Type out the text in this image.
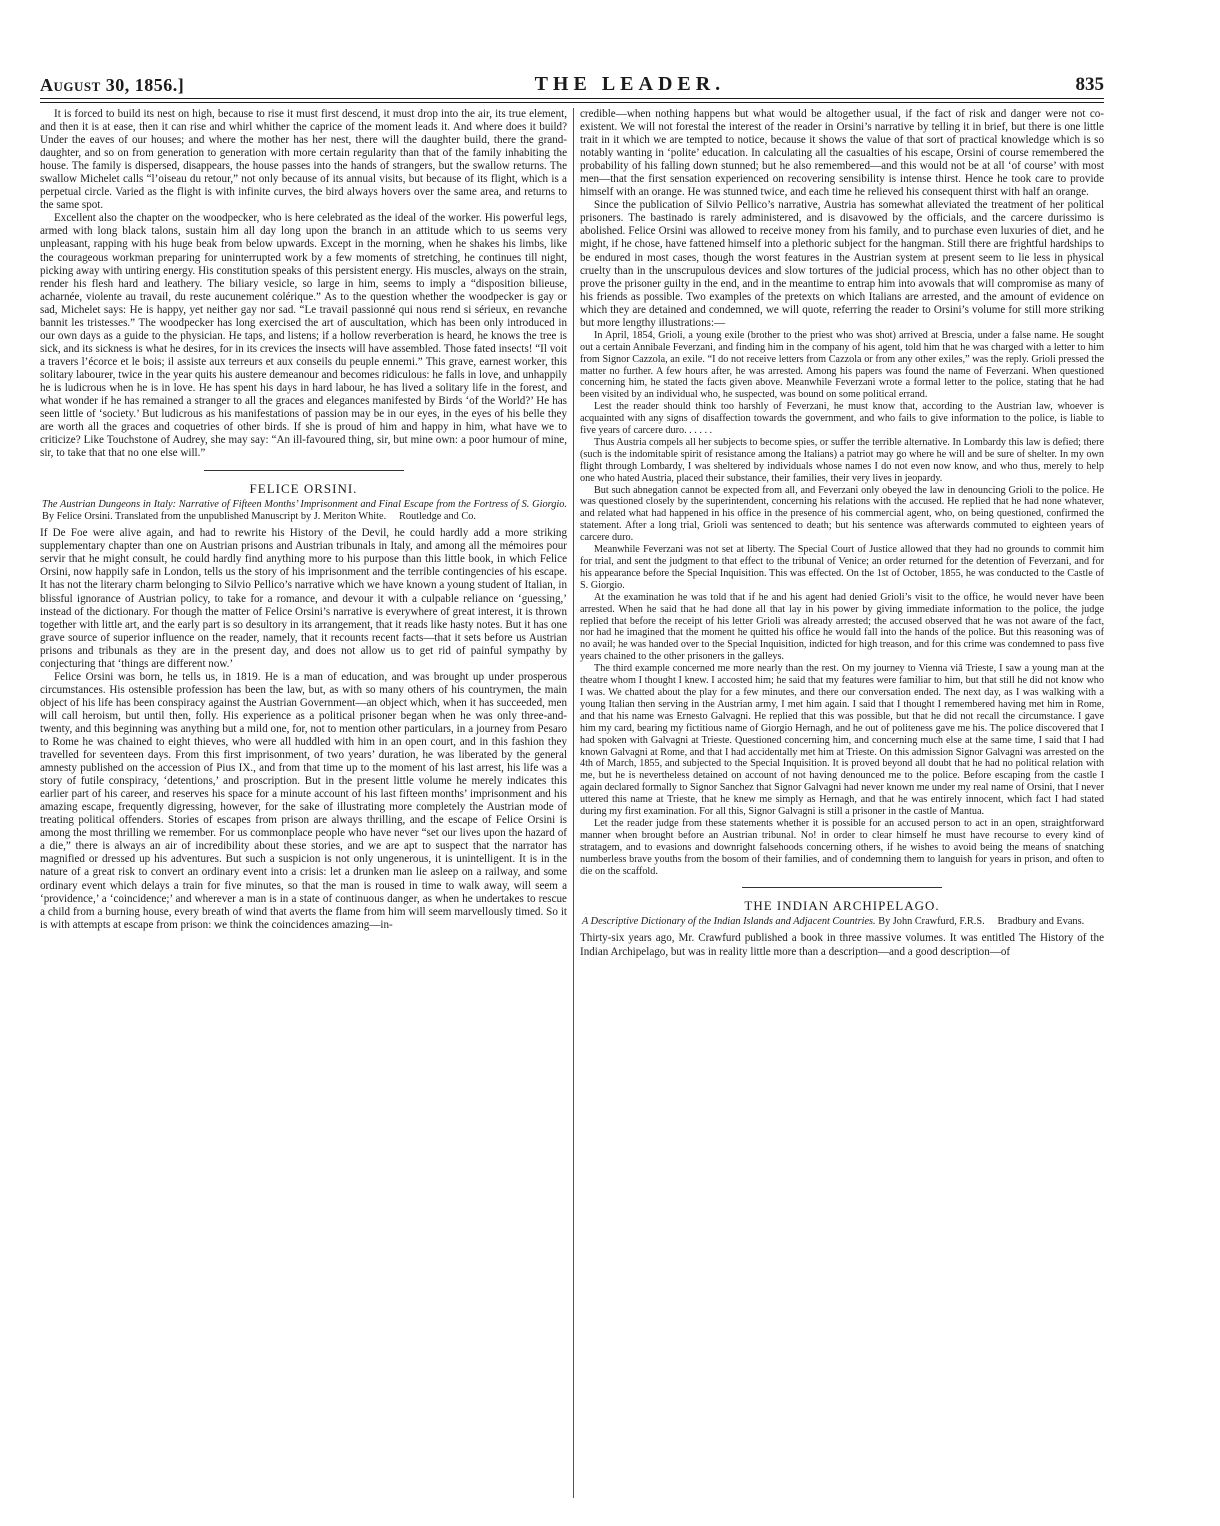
August 30, 1856.]	THE LEADER.	835

It is forced to build its nest on high, because to rise it must first descend, it must drop into the air, its true element, and then it is at ease, then it can rise and whirl whither the caprice of the moment leads it. And where does it build? Under the eaves of our houses; and where the mother has her nest, there will the daughter build, there the grand-daughter, and so on from generation to generation with more certain regularity than that of the family inhabiting the house. The family is dispersed, disappears, the house passes into the hands of strangers, but the swallow returns. The swallow Michelet calls “l’oiseau du retour,” not only because of its annual visits, but because of its flight, which is a perpetual circle. Varied as the flight is with infinite curves, the bird always hovers over the same area, and returns to the same spot.

Excellent also the chapter on the woodpecker, who is here celebrated as the ideal of the worker. His powerful legs, armed with long black talons, sustain him all day long upon the branch in an attitude which to us seems very unpleasant, rapping with his huge beak from below upwards. Except in the morning, when he shakes his limbs, like the courageous workman preparing for uninterrupted work by a few moments of stretching, he continues till night, picking away with untiring energy. His constitution speaks of this persistent energy. His muscles, always on the strain, render his flesh hard and leathery. The biliary vesicle, so large in him, seems to imply a “disposition bilieuse, acharnée, violente au travail, du reste aucunement colérique.” As to the question whether the woodpecker is gay or sad, Michelet says: He is happy, yet neither gay nor sad. “Le travail passionné qui nous rend si sérieux, en revanche bannit les tristesses.” The woodpecker has long exercised the art of auscultation, which has been only introduced in our own days as a guide to the physician. He taps, and listens; if a hollow reverberation is heard, he knows the tree is sick, and its sickness is what he desires, for in its crevices the insects will have assembled. Those fated insects! “Il voit a travers l’écorce et le bois; il assiste aux terreurs et aux conseils du peuple ennemi.” This grave, earnest worker, this solitary labourer, twice in the year quits his austere demeanour and becomes ridiculous: he falls in love, and unhappily he is ludicrous when he is in love. He has spent his days in hard labour, he has lived a solitary life in the forest, and what wonder if he has remained a stranger to all the graces and elegances manifested by Birds ‘of the World?’ He has seen little of ‘society.’ But ludicrous as his manifestations of passion may be in our eyes, in the eyes of his belle they are worth all the graces and coquetries of other birds. If she is proud of him and happy in him, what have we to criticize? Like Touchstone of Audrey, she may say: “An ill-favoured thing, sir, but mine own: a poor humour of mine, sir, to take that that no one else will.”

FELICE ORSINI.
The Austrian Dungeons in Italy: Narrative of Fifteen Months’ Imprisonment and Final Escape from the Fortress of S. Giorgio. By Felice Orsini. Translated from the unpublished Manuscript by J. Meriton White.  Routledge and Co.

If De Foe were alive again, and had to rewrite his History of the Devil, he could hardly add a more striking supplementary chapter than one on Austrian prisons and Austrian tribunals in Italy, and among all the mémoires pour servir that he might consult, he could hardly find anything more to his purpose than this little book, in which Felice Orsini, now happily safe in London, tells us the story of his imprisonment and the terrible contingencies of his escape. It has not the literary charm belonging to Silvio Pellico’s narrative which we have known a young student of Italian, in blissful ignorance of Austrian policy, to take for a romance, and devour it with a culpable reliance on ‘guessing,’ instead of the dictionary. For though the matter of Felice Orsini’s narrative is everywhere of great interest, it is thrown together with little art, and the early part is so desultory in its arrangement, that it reads like hasty notes. But it has one grave source of superior influence on the reader, namely, that it recounts recent facts—that it sets before us Austrian prisons and tribunals as they are in the present day, and does not allow us to get rid of painful sympathy by conjecturing that ‘things are different now.’

Felice Orsini was born, he tells us, in 1819. He is a man of education, and was brought up under prosperous circumstances. His ostensible profession has been the law, but, as with so many others of his countrymen, the main object of his life has been conspiracy against the Austrian Government—an object which, when it has succeeded, men will call heroism, but until then, folly. His experience as a political prisoner began when he was only three-and-twenty, and this beginning was anything but a mild one, for, not to mention other particulars, in a journey from Pesaro to Rome he was chained to eight thieves, who were all huddled with him in an open court, and in this fashion they travelled for seventeen days. From this first imprisonment, of two years’ duration, he was liberated by the general amnesty published on the accession of Pius IX., and from that time up to the moment of his last arrest, his life was a story of futile conspiracy, ‘detentions,’ and proscription. But in the present little volume he merely indicates this earlier part of his career, and reserves his space for a minute account of his last fifteen months’ imprisonment and his amazing escape, frequently digressing, however, for the sake of illustrating more completely the Austrian mode of treating political offenders. Stories of escapes from prison are always thrilling, and the escape of Felice Orsini is among the most thrilling we remember. For us commonplace people who have never “set our lives upon the hazard of a die,” there is always an air of incredibility about these stories, and we are apt to suspect that the narrator has magnified or dressed up his adventures. But such a suspicion is not only ungenerous, it is unintelligent. It is in the nature of a great risk to convert an ordinary event into a crisis: let a drunken man lie asleep on a railway, and some ordinary event which delays a train for five minutes, so that the man is roused in time to walk away, will seem a ‘providence,’ a ‘coincidence;’ and wherever a man is in a state of continuous danger, as when he undertakes to rescue a child from a burning house, every breath of wind that averts the flame from him will seem marvellously timed. So it is with attempts at escape from prison: we think the coincidences amazing—in-

credible—when nothing happens but what would be altogether usual, if the fact of risk and danger were not co-existent. We will not forestal the interest of the reader in Orsini’s narrative by telling it in brief, but there is one little trait in it which we are tempted to notice, because it shows the value of that sort of practical knowledge which is so notably wanting in ‘polite’ education. In calculating all the casualties of his escape, Orsini of course remembered the probability of his falling down stunned; but he also remembered—and this would not be at all ‘of course’ with most men—that the first sensation experienced on recovering sensibility is intense thirst. Hence he took care to provide himself with an orange. He was stunned twice, and each time he relieved his consequent thirst with half an orange.

Since the publication of Silvio Pellico’s narrative, Austria has somewhat alleviated the treatment of her political prisoners. The bastinado is rarely administered, and is disavowed by the officials, and the carcere durissimo is abolished. Felice Orsini was allowed to receive money from his family, and to purchase even luxuries of diet, and he might, if he chose, have fattened himself into a plethoric subject for the hangman. Still there are frightful hardships to be endured in most cases, though the worst features in the Austrian system at present seem to lie less in physical cruelty than in the unscrupulous devices and slow tortures of the judicial process, which has no other object than to prove the prisoner guilty in the end, and in the meantime to entrap him into avowals that will compromise as many of his friends as possible. Two examples of the pretexts on which Italians are arrested, and the amount of evidence on which they are detained and condemned, we will quote, referring the reader to Orsini’s volume for still more striking but more lengthy illustrations:—

In April, 1854, Grioli, a young exile (brother to the priest who was shot) arrived at Brescia, under a false name. He sought out a certain Annibale Feverzani, and finding him in the company of his agent, told him that he was charged with a letter to him from Signor Cazzola, an exile. “I do not receive letters from Cazzola or from any other exiles,” was the reply. Grioli pressed the matter no further. A few hours after, he was arrested. Among his papers was found the name of Feverzani. When questioned concerning him, he stated the facts given above. Meanwhile Feverzani wrote a formal letter to the police, stating that he had been visited by an individual who, he suspected, was bound on some political errand.

Lest the reader should think too harshly of Feverzani, he must know that, according to the Austrian law, whoever is acquainted with any signs of disaffection towards the government, and who fails to give information to the police, is liable to five years of carcere duro. . . . . .

Thus Austria compels all her subjects to become spies, or suffer the terrible alternative. In Lombardy this law is defied; there (such is the indomitable spirit of resistance among the Italians) a patriot may go where he will and be sure of shelter. In my own flight through Lombardy, I was sheltered by individuals whose names I do not even now know, and who thus, merely to help one who hated Austria, placed their substance, their families, their very lives in jeopardy.

But such abnegation cannot be expected from all, and Feverzani only obeyed the law in denouncing Grioli to the police. He was questioned closely by the superintendent, concerning his relations with the accused. He replied that he had none whatever, and related what had happened in his office in the presence of his commercial agent, who, on being questioned, confirmed the statement. After a long trial, Grioli was sentenced to death; but his sentence was afterwards commuted to eighteen years of carcere duro.

Meanwhile Feverzani was not set at liberty. The Special Court of Justice allowed that they had no grounds to commit him for trial, and sent the judgment to that effect to the tribunal of Venice; an order returned for the detention of Feverzani, and for his appearance before the Special Inquisition. This was effected. On the 1st of October, 1855, he was conducted to the Castle of S. Giorgio.

At the examination he was told that if he and his agent had denied Grioli’s visit to the office, he would never have been arrested. When he said that he had done all that lay in his power by giving immediate information to the police, the judge replied that before the receipt of his letter Grioli was already arrested; the accused observed that he was not aware of the fact, nor had he imagined that the moment he quitted his office he would fall into the hands of the police. But this reasoning was of no avail; he was handed over to the Special Inquisition, indicted for high treason, and for this crime was condemned to pass five years chained to the other prisoners in the galleys.

The third example concerned me more nearly than the rest. On my journey to Vienna viâ Trieste, I saw a young man at the theatre whom I thought I knew. I accosted him; he said that my features were familiar to him, but that still he did not know who I was. We chatted about the play for a few minutes, and there our conversation ended. The next day, as I was walking with a young Italian then serving in the Austrian army, I met him again. I said that I thought I remembered having met him in Rome, and that his name was Ernesto Galvagni. He replied that this was possible, but that he did not recall the circumstance. I gave him my card, bearing my fictitious name of Giorgio Hernagh, and he out of politeness gave me his. The police discovered that I had spoken with Galvagni at Trieste. Questioned concerning him, and concerning much else at the same time, I said that I had known Galvagni at Rome, and that I had accidentally met him at Trieste. On this admission Signor Galvagni was arrested on the 4th of March, 1855, and subjected to the Special Inquisition. It is proved beyond all doubt that he had no political relation with me, but he is nevertheless detained on account of not having denounced me to the police. Before escaping from the castle I again declared formally to Signor Sanchez that Signor Galvagni had never known me under my real name of Orsini, that I never uttered this name at Trieste, that he knew me simply as Hernagh, and that he was entirely innocent, which fact I had stated during my first examination. For all this, Signor Galvagni is still a prisoner in the castle of Mantua.

Let the reader judge from these statements whether it is possible for an accused person to act in an open, straightforward manner when brought before an Austrian tribunal. No! in order to clear himself he must have recourse to every kind of stratagem, and to evasions and downright falsehoods concerning others, if he wishes to avoid being the means of snatching numberless brave youths from the bosom of their families, and of condemning them to languish for years in prison, and often to die on the scaffold.

THE INDIAN ARCHIPELAGO.
A Descriptive Dictionary of the Indian Islands and Adjacent Countries. By John Crawfurd, F.R.S.  Bradbury and Evans.

Thirty-six years ago, Mr. Crawfurd published a book in three massive volumes. It was entitled The History of the Indian Archipelago, but was in reality little more than a description—and a good description—of
